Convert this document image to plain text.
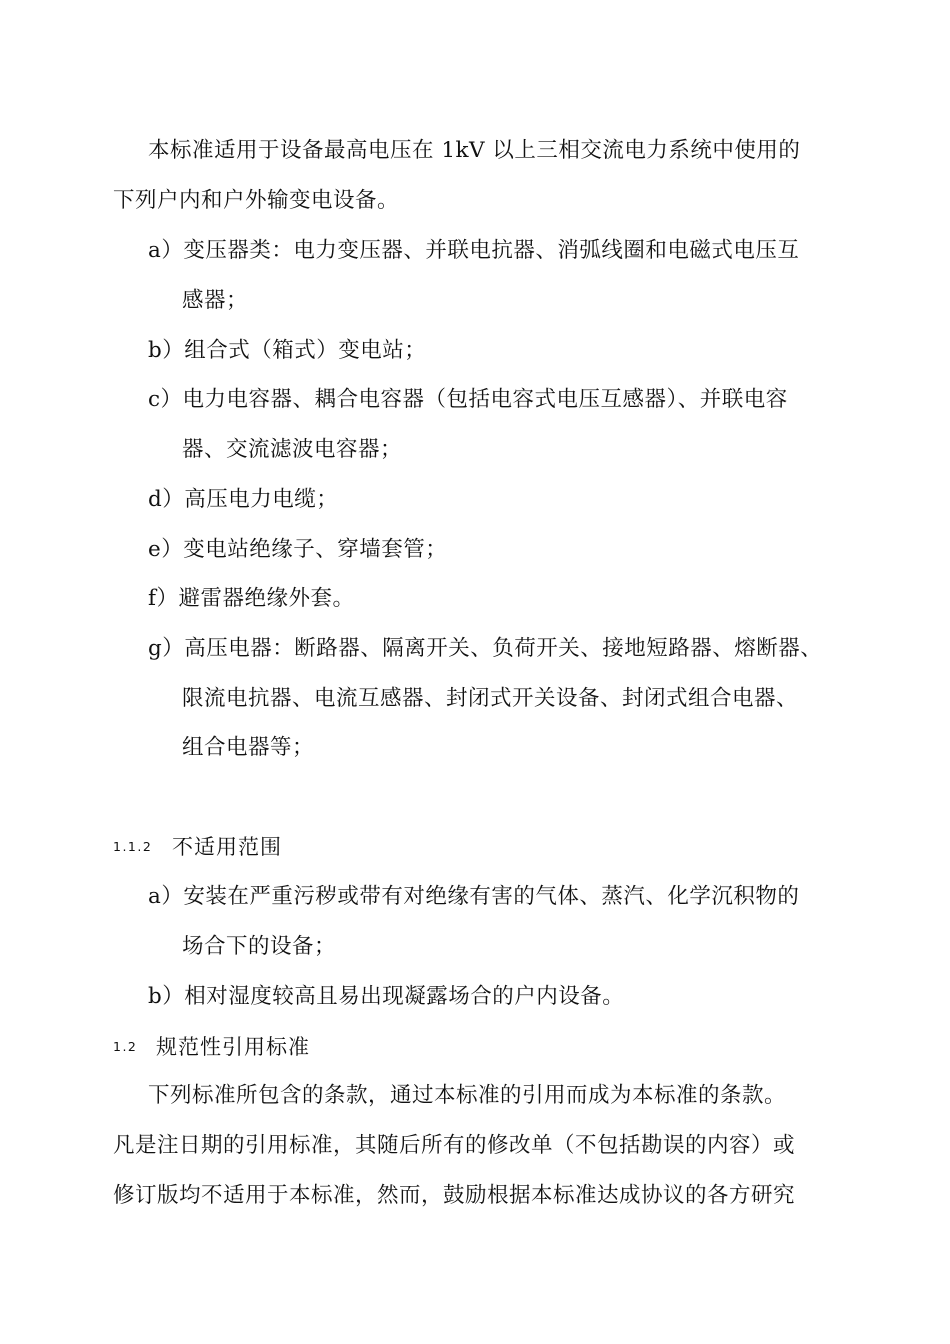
本标准适用于设备最高电压在 1kV 以上三相交流电力系统中使用的
下列户内和户外输变电设备。
a）变压器类：电力变压器、并联电抗器、消弧线圈和电磁式电压互
感器；
b）组合式（箱式）变电站；
c）电力电容器、耦合电容器（包括电容式电压互感器）、并联电容
器、交流滤波电容器；
d）高压电力电缆；
e）变电站绝缘子、穿墙套管；
f）避雷器绝缘外套。
g）高压电器：断路器、隔离开关、负荷开关、接地短路器、熔断器、
限流电抗器、电流互感器、封闭式开关设备、封闭式组合电器、
组合电器等；
1.1.2 不适用范围
a）安装在严重污秽或带有对绝缘有害的气体、蒸汽、化学沉积物的
场合下的设备；
b）相对湿度较高且易出现凝露场合的户内设备。
1.2 规范性引用标准
下列标准所包含的条款，通过本标准的引用而成为本标准的条款。
凡是注日期的引用标准，其随后所有的修改单（不包括勘误的内容）或
修订版均不适用于本标准，然而，鼓励根据本标准达成协议的各方研究
